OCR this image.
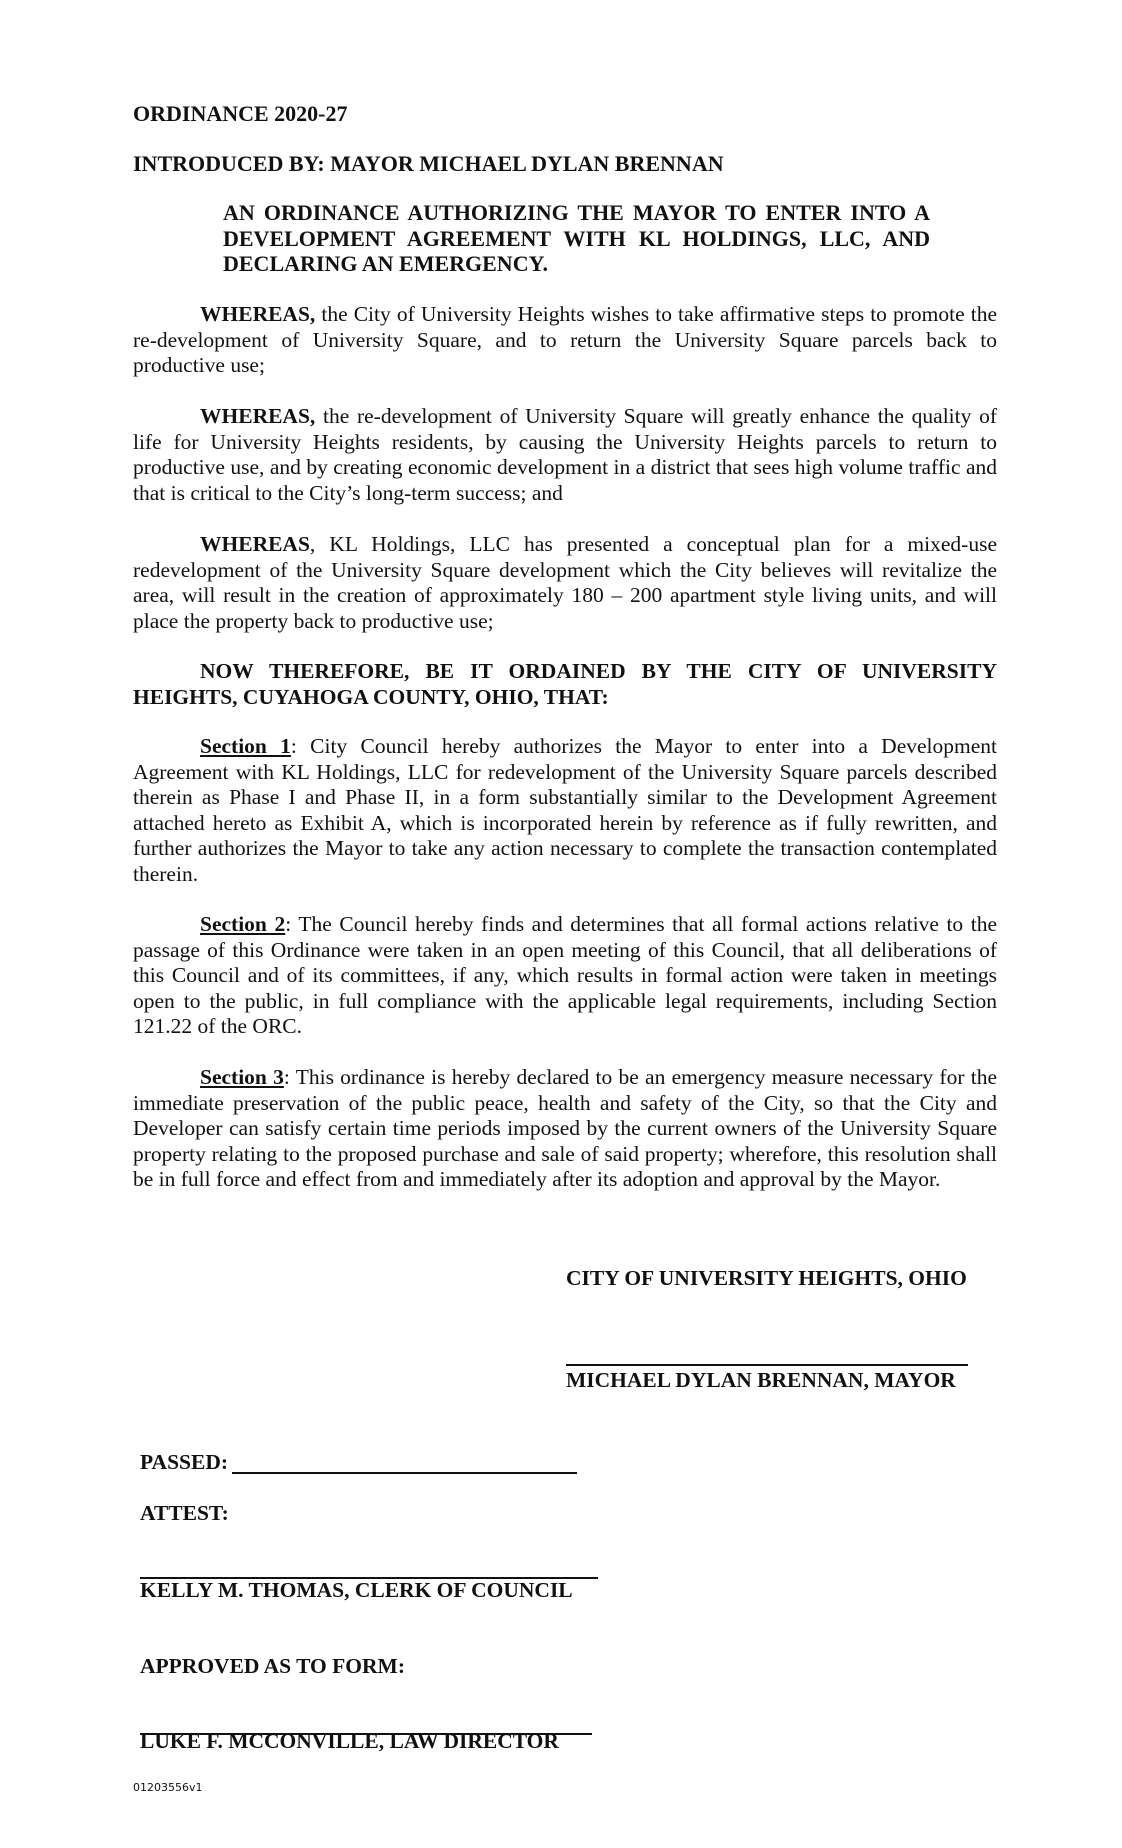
ORDINANCE 2020-27
INTRODUCED BY: MAYOR MICHAEL DYLAN BRENNAN
AN ORDINANCE AUTHORIZING THE MAYOR TO ENTER INTO A DEVELOPMENT AGREEMENT WITH KL HOLDINGS, LLC, AND DECLARING AN EMERGENCY.

WHEREAS, the City of University Heights wishes to take affirmative steps to promote the re-development of University Square, and to return the University Square parcels back to productive use;

WHEREAS, the re-development of University Square will greatly enhance the quality of life for University Heights residents, by causing the University Heights parcels to return to productive use, and by creating economic development in a district that sees high volume traffic and that is critical to the City’s long-term success; and

WHEREAS, KL Holdings, LLC has presented a conceptual plan for a mixed-use redevelopment of the University Square development which the City believes will revitalize the area, will result in the creation of approximately 180 – 200 apartment style living units, and will place the property back to productive use;

NOW THEREFORE, BE IT ORDAINED BY THE CITY OF UNIVERSITY HEIGHTS, CUYAHOGA COUNTY, OHIO, THAT:

Section 1: City Council hereby authorizes the Mayor to enter into a Development Agreement with KL Holdings, LLC for redevelopment of the University Square parcels described therein as Phase I and Phase II, in a form substantially similar to the Development Agreement attached hereto as Exhibit A, which is incorporated herein by reference as if fully rewritten, and further authorizes the Mayor to take any action necessary to complete the transaction contemplated therein.

Section 2: The Council hereby finds and determines that all formal actions relative to the passage of this Ordinance were taken in an open meeting of this Council, that all deliberations of this Council and of its committees, if any, which results in formal action were taken in meetings open to the public, in full compliance with the applicable legal requirements, including Section 121.22 of the ORC.

Section 3: This ordinance is hereby declared to be an emergency measure necessary for the immediate preservation of the public peace, health and safety of the City, so that the City and Developer can satisfy certain time periods imposed by the current owners of the University Square property relating to the proposed purchase and sale of said property; wherefore, this resolution shall be in full force and effect from and immediately after its adoption and approval by the Mayor.

CITY OF UNIVERSITY HEIGHTS, OHIO
MICHAEL DYLAN BRENNAN, MAYOR
PASSED:
ATTEST:
KELLY M. THOMAS, CLERK OF COUNCIL
APPROVED AS TO FORM:
LUKE F. MCCONVILLE, LAW DIRECTOR
01203556v1
